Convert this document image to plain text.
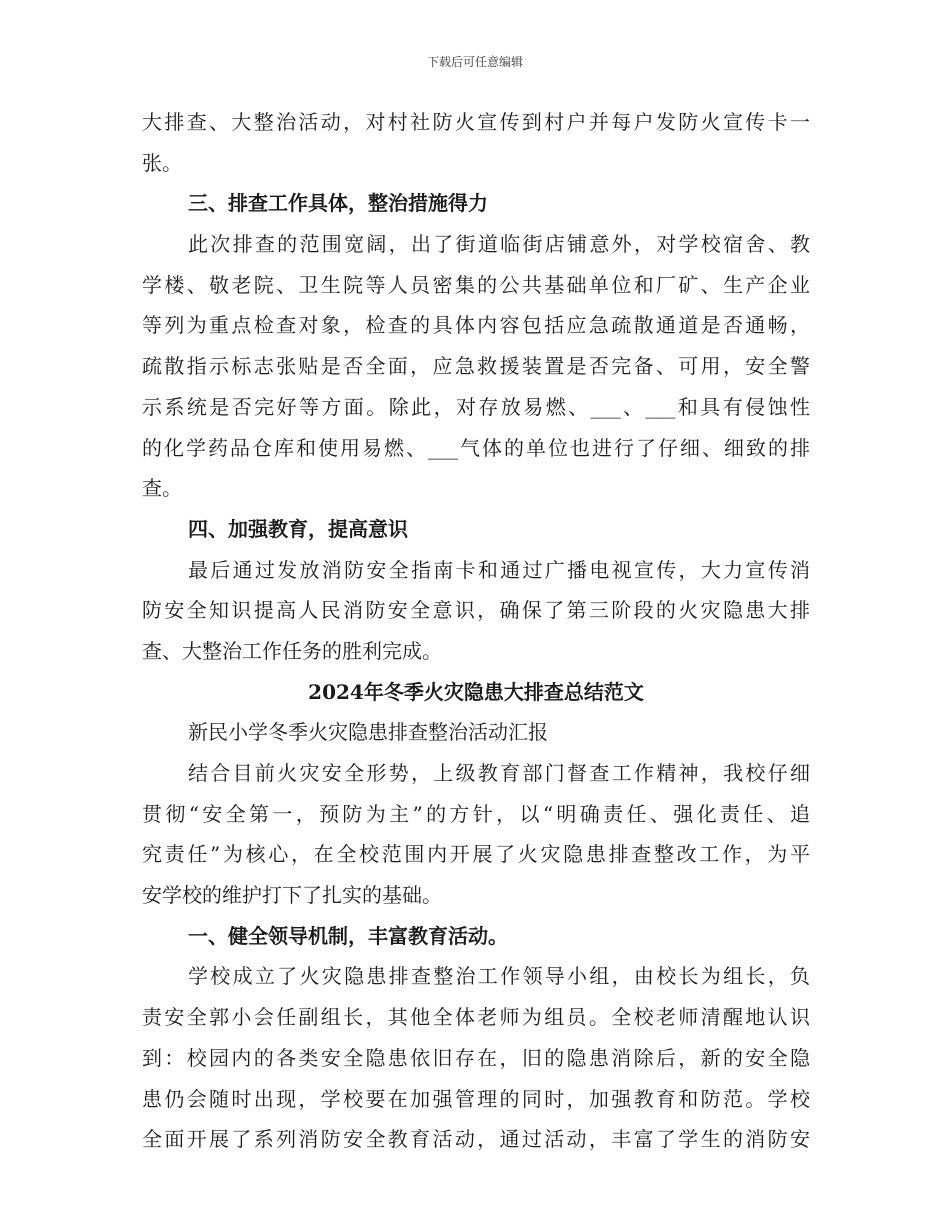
下载后可任意编辑
大排查、大整治活动，对村社防火宣传到村户并每户发防火宣传卡一
张。
三、排查工作具体，整治措施得力
此次排查的范围宽阔，出了街道临街店铺意外，对学校宿舍、教
学楼、敬老院、卫生院等人员密集的公共基础单位和厂矿、生产企业
等列为重点检查对象，检查的具体内容包括应急疏散通道是否通畅，
疏散指示标志张贴是否全面，应急救援装置是否完备、可用，安全警
示系统是否完好等方面。除此，对存放易燃、___、___和具有侵蚀性
的化学药品仓库和使用易燃、___气体的单位也进行了仔细、细致的排
查。
四、加强教育，提高意识
最后通过发放消防安全指南卡和通过广播电视宣传，大力宣传消
防安全知识提高人民消防安全意识，确保了第三阶段的火灾隐患大排
查、大整治工作任务的胜利完成。
2024年冬季火灾隐患大排查总结范文
新民小学冬季火灾隐患排查整治活动汇报
结合目前火灾安全形势，上级教育部门督查工作精神，我校仔细
贯彻“安全第一，预防为主”的方针，以“明确责任、强化责任、追
究责任”为核心，在全校范围内开展了火灾隐患排查整改工作，为平
安学校的维护打下了扎实的基础。
一、健全领导机制，丰富教育活动。
学校成立了火灾隐患排查整治工作领导小组，由校长为组长，负
责安全郭小会任副组长，其他全体老师为组员。全校老师清醒地认识
到：校园内的各类安全隐患依旧存在，旧的隐患消除后，新的安全隐
患仍会随时出现，学校要在加强管理的同时，加强教育和防范。学校
全面开展了系列消防安全教育活动，通过活动，丰富了学生的消防安
